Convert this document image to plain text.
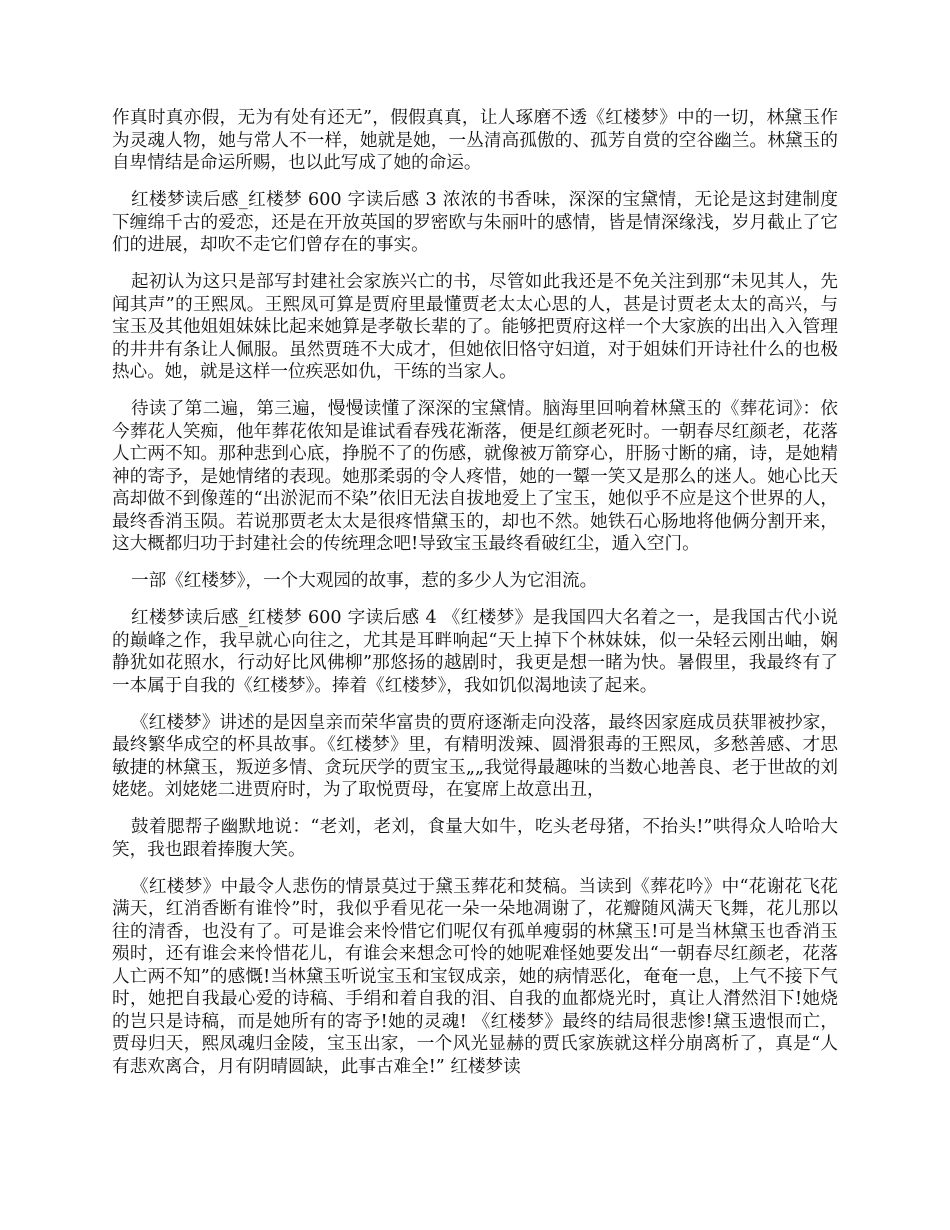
作真时真亦假，无为有处有还无”，假假真真，让人琢磨不透《红楼梦》中的一切，林黛玉作为灵魂人物，她与常人不一样，她就是她，一丛清高孤傲的、孤芳自赏的空谷幽兰。林黛玉的自卑情结是命运所赐，也以此写成了她的命运。

红楼梦读后感_红楼梦 600 字读后感 3 浓浓的书香味，深深的宝黛情，无论是这封建制度下缠绵千古的爱恋，还是在开放英国的罗密欧与朱丽叶的感情，皆是情深缘浅，岁月截止了它们的进展，却吹不走它们曾存在的事实。

起初认为这只是部写封建社会家族兴亡的书，尽管如此我还是不免关注到那“未见其人，先闻其声”的王熙凤。王熙凤可算是贾府里最懂贾老太太心思的人，甚是讨贾老太太的高兴，与宝玉及其他姐姐妹妹比起来她算是孝敬长辈的了。能够把贾府这样一个大家族的出出入入管理的井井有条让人佩服。虽然贾琏不大成才，但她依旧恪守妇道，对于姐妹们开诗社什么的也极热心。她，就是这样一位疾恶如仇，干练的当家人。

待读了第二遍，第三遍，慢慢读懂了深深的宝黛情。脑海里回响着林黛玉的《葬花词》：依今葬花人笑痴，他年葬花侬知是谁试看春残花渐落，便是红颜老死时。一朝春尽红颜老，花落人亡两不知。那种悲到心底，挣脱不了的伤感，就像被万箭穿心，肝肠寸断的痛，诗，是她精神的寄予，是她情绪的表现。她那柔弱的令人疼惜，她的一颦一笑又是那么的迷人。她心比天高却做不到像莲的“出淤泥而不染”依旧无法自拔地爱上了宝玉，她似乎不应是这个世界的人，最终香消玉陨。若说那贾老太太是很疼惜黛玉的，却也不然。她铁石心肠地将他俩分割开来，这大概都归功于封建社会的传统理念吧!导致宝玉最终看破红尘，遁入空门。

一部《红楼梦》，一个大观园的故事，惹的多少人为它泪流。

红楼梦读后感_红楼梦 600 字读后感 4 《红楼梦》是我国四大名着之一，是我国古代小说的巅峰之作，我早就心向往之，尤其是耳畔响起“天上掉下个林妹妹，似一朵轻云刚出岫，娴静犹如花照水，行动好比风佛柳”那悠扬的越剧时，我更是想一睹为快。暑假里，我最终有了一本属于自我的《红楼梦》。捧着《红楼梦》，我如饥似渴地读了起来。

《红楼梦》讲述的是因皇亲而荣华富贵的贾府逐渐走向没落，最终因家庭成员获罪被抄家，最终繁华成空的杯具故事。《红楼梦》里，有精明泼辣、圆滑狠毒的王熙凤，多愁善感、才思敏捷的林黛玉，叛逆多情、贪玩厌学的贾宝玉„„我觉得最趣味的当数心地善良、老于世故的刘姥姥。刘姥姥二进贾府时，为了取悦贾母，在宴席上故意出丑，

鼓着腮帮子幽默地说：“老刘，老刘，食量大如牛，吃头老母猪，不抬头!”哄得众人哈哈大笑，我也跟着捧腹大笑。

《红楼梦》中最令人悲伤的情景莫过于黛玉葬花和焚稿。当读到《葬花吟》中“花谢花飞花满天，红消香断有谁怜”时，我似乎看见花一朵一朵地凋谢了，花瓣随风满天飞舞，花儿那以往的清香，也没有了。可是谁会来怜惜它们呢仅有孤单瘦弱的林黛玉!可是当林黛玉也香消玉殒时，还有谁会来怜惜花儿，有谁会来想念可怜的她呢难怪她要发出“一朝春尽红颜老，花落人亡两不知”的感慨!当林黛玉听说宝玉和宝钗成亲，她的病情恶化，奄奄一息，上气不接下气时，她把自我最心爱的诗稿、手绢和着自我的泪、自我的血都烧光时，真让人潸然泪下!她烧的岂只是诗稿，而是她所有的寄予!她的灵魂! 《红楼梦》最终的结局很悲惨!黛玉遗恨而亡，贾母归天，熙凤魂归金陵，宝玉出家，一个风光显赫的贾氏家族就这样分崩离析了，真是“人有悲欢离合，月有阴晴圆缺，此事古难全!” 红楼梦读
